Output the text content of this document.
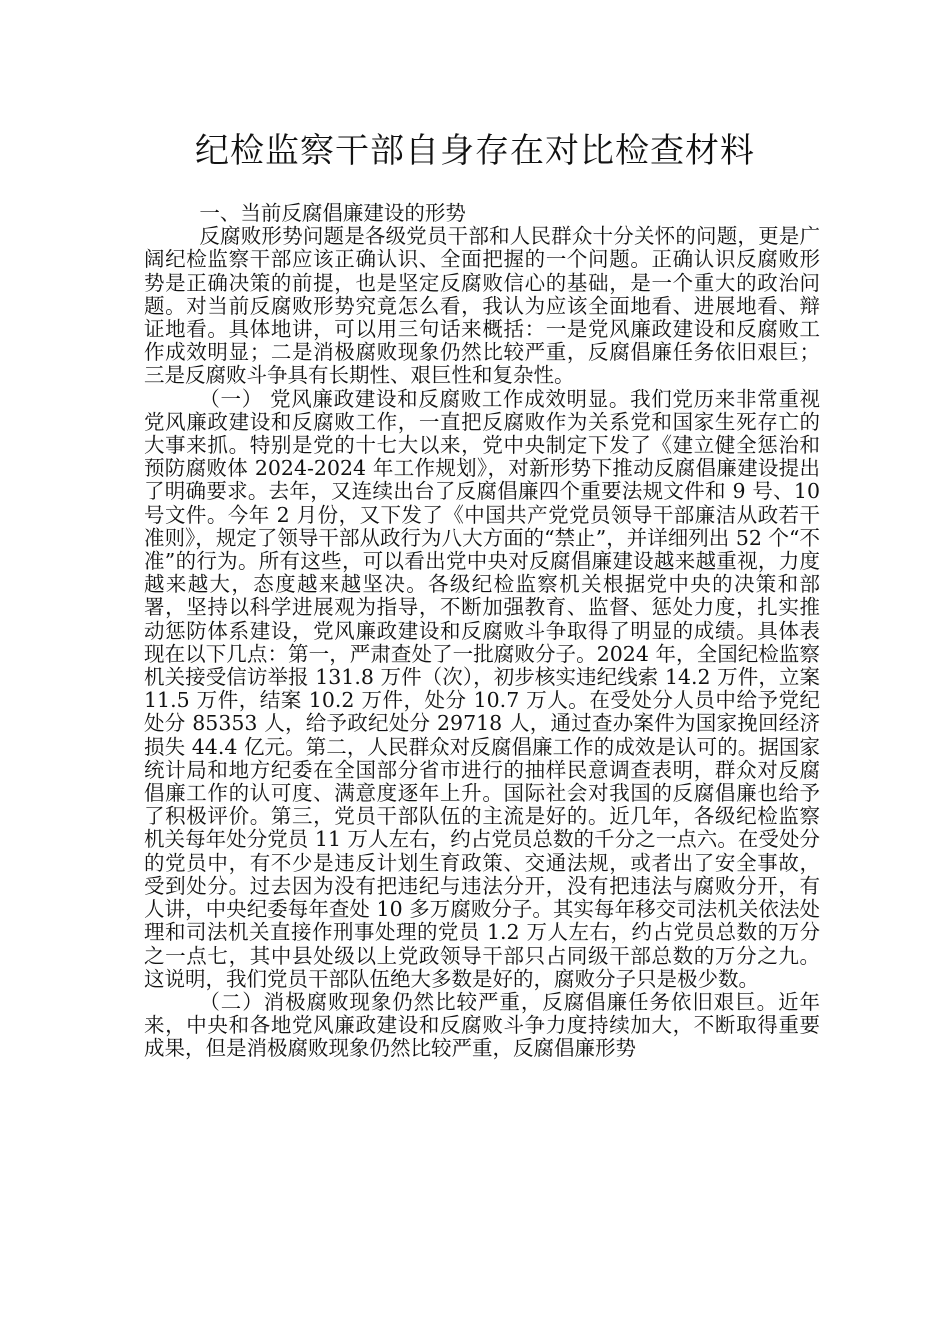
纪检监察干部自身存在对比检查材料

一、当前反腐倡廉建设的形势

反腐败形势问题是各级党员干部和人民群众十分关怀的问题，更是广阔纪检监察干部应该正确认识、全面把握的一个问题。正确认识反腐败形势是正确决策的前提，也是坚定反腐败信心的基础，是一个重大的政治问题。对当前反腐败形势究竟怎么看，我认为应该全面地看、进展地看、辩证地看。具体地讲，可以用三句话来概括：一是党风廉政建设和反腐败工作成效明显；二是消极腐败现象仍然比较严重，反腐倡廉任务依旧艰巨；三是反腐败斗争具有长期性、艰巨性和复杂性。

（一） 党风廉政建设和反腐败工作成效明显。我们党历来非常重视党风廉政建设和反腐败工作，一直把反腐败作为关系党和国家生死存亡的大事来抓。特别是党的十七大以来，党中央制定下发了《建立健全惩治和预防腐败体 2024-2024 年工作规划》，对新形势下推动反腐倡廉建设提出了明确要求。去年，又连续出台了反腐倡廉四个重要法规文件和 9 号、10 号文件。今年 2 月份，又下发了《中国共产党党员领导干部廉洁从政若干准则》，规定了领导干部从政行为八大方面的“禁止”，并详细列出 52 个“不准”的行为。所有这些，可以看出党中央对反腐倡廉建设越来越重视，力度越来越大，态度越来越坚决。各级纪检监察机关根据党中央的决策和部署，坚持以科学进展观为指导，不断加强教育、监督、惩处力度，扎实推动惩防体系建设，党风廉政建设和反腐败斗争取得了明显的成绩。具体表现在以下几点：第一，严肃查处了一批腐败分子。2024 年，全国纪检监察机关接受信访举报 131.8 万件（次），初步核实违纪线索 14.2 万件，立案 11.5 万件，结案 10.2 万件，处分 10.7 万人。在受处分人员中给予党纪处分 85353 人，给予政纪处分 29718 人，通过查办案件为国家挽回经济损失 44.4 亿元。第二，人民群众对反腐倡廉工作的成效是认可的。据国家统计局和地方纪委在全国部分省市进行的抽样民意调查表明，群众对反腐倡廉工作的认可度、满意度逐年上升。国际社会对我国的反腐倡廉也给予了积极评价。第三，党员干部队伍的主流是好的。近几年，各级纪检监察机关每年处分党员 11 万人左右，约占党员总数的千分之一点六。在受处分的党员中，有不少是违反计划生育政策、交通法规，或者出了安全事故，受到处分。过去因为没有把违纪与违法分开，没有把违法与腐败分开，有人讲，中央纪委每年查处 10 多万腐败分子。其实每年移交司法机关依法处理和司法机关直接作刑事处理的党员 1.2 万人左右，约占党员总数的万分之一点七，其中县处级以上党政领导干部只占同级干部总数的万分之九。这说明，我们党员干部队伍绝大多数是好的，腐败分子只是极少数。

（二）消极腐败现象仍然比较严重，反腐倡廉任务依旧艰巨。近年来，中央和各地党风廉政建设和反腐败斗争力度持续加大，不断取得重要成果，但是消极腐败现象仍然比较严重，反腐倡廉形势
